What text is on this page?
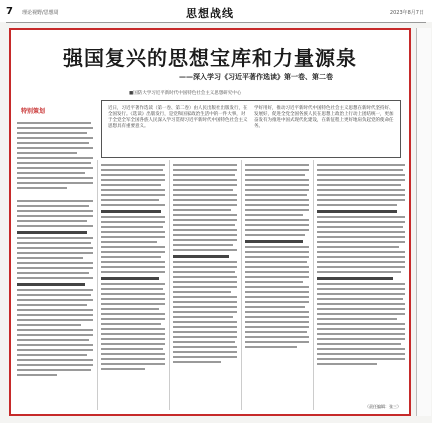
7 理论视野/思想周	思想战线	2023年8月7日
强国复兴的思想宝库和力量源泉
——深入学习《习近平著作选读》第一卷、第二卷
■国防大学习近平新时代中国特色社会主义思想研究中心
特别策划	近日，习近平著作选读（第一卷、第二卷）由人民出版社出版发行，在全国发行。《选读》出版发行，是党和国家政治生活中的一件大事，对于全党全军全国各族人民深入学习贯彻习近平新时代中国特色社会主义思想具有重要意义。
学好用好，推动习近平新时代中国特色社会主义思想在新时代坚持好、发展好，促进全党全国各族人民在思想上政治上行动上团结统一，更加奋发有为推进中国式现代化建设，在新征程上更好地肩负起党的使命任务。
（责任编辑：张三）
